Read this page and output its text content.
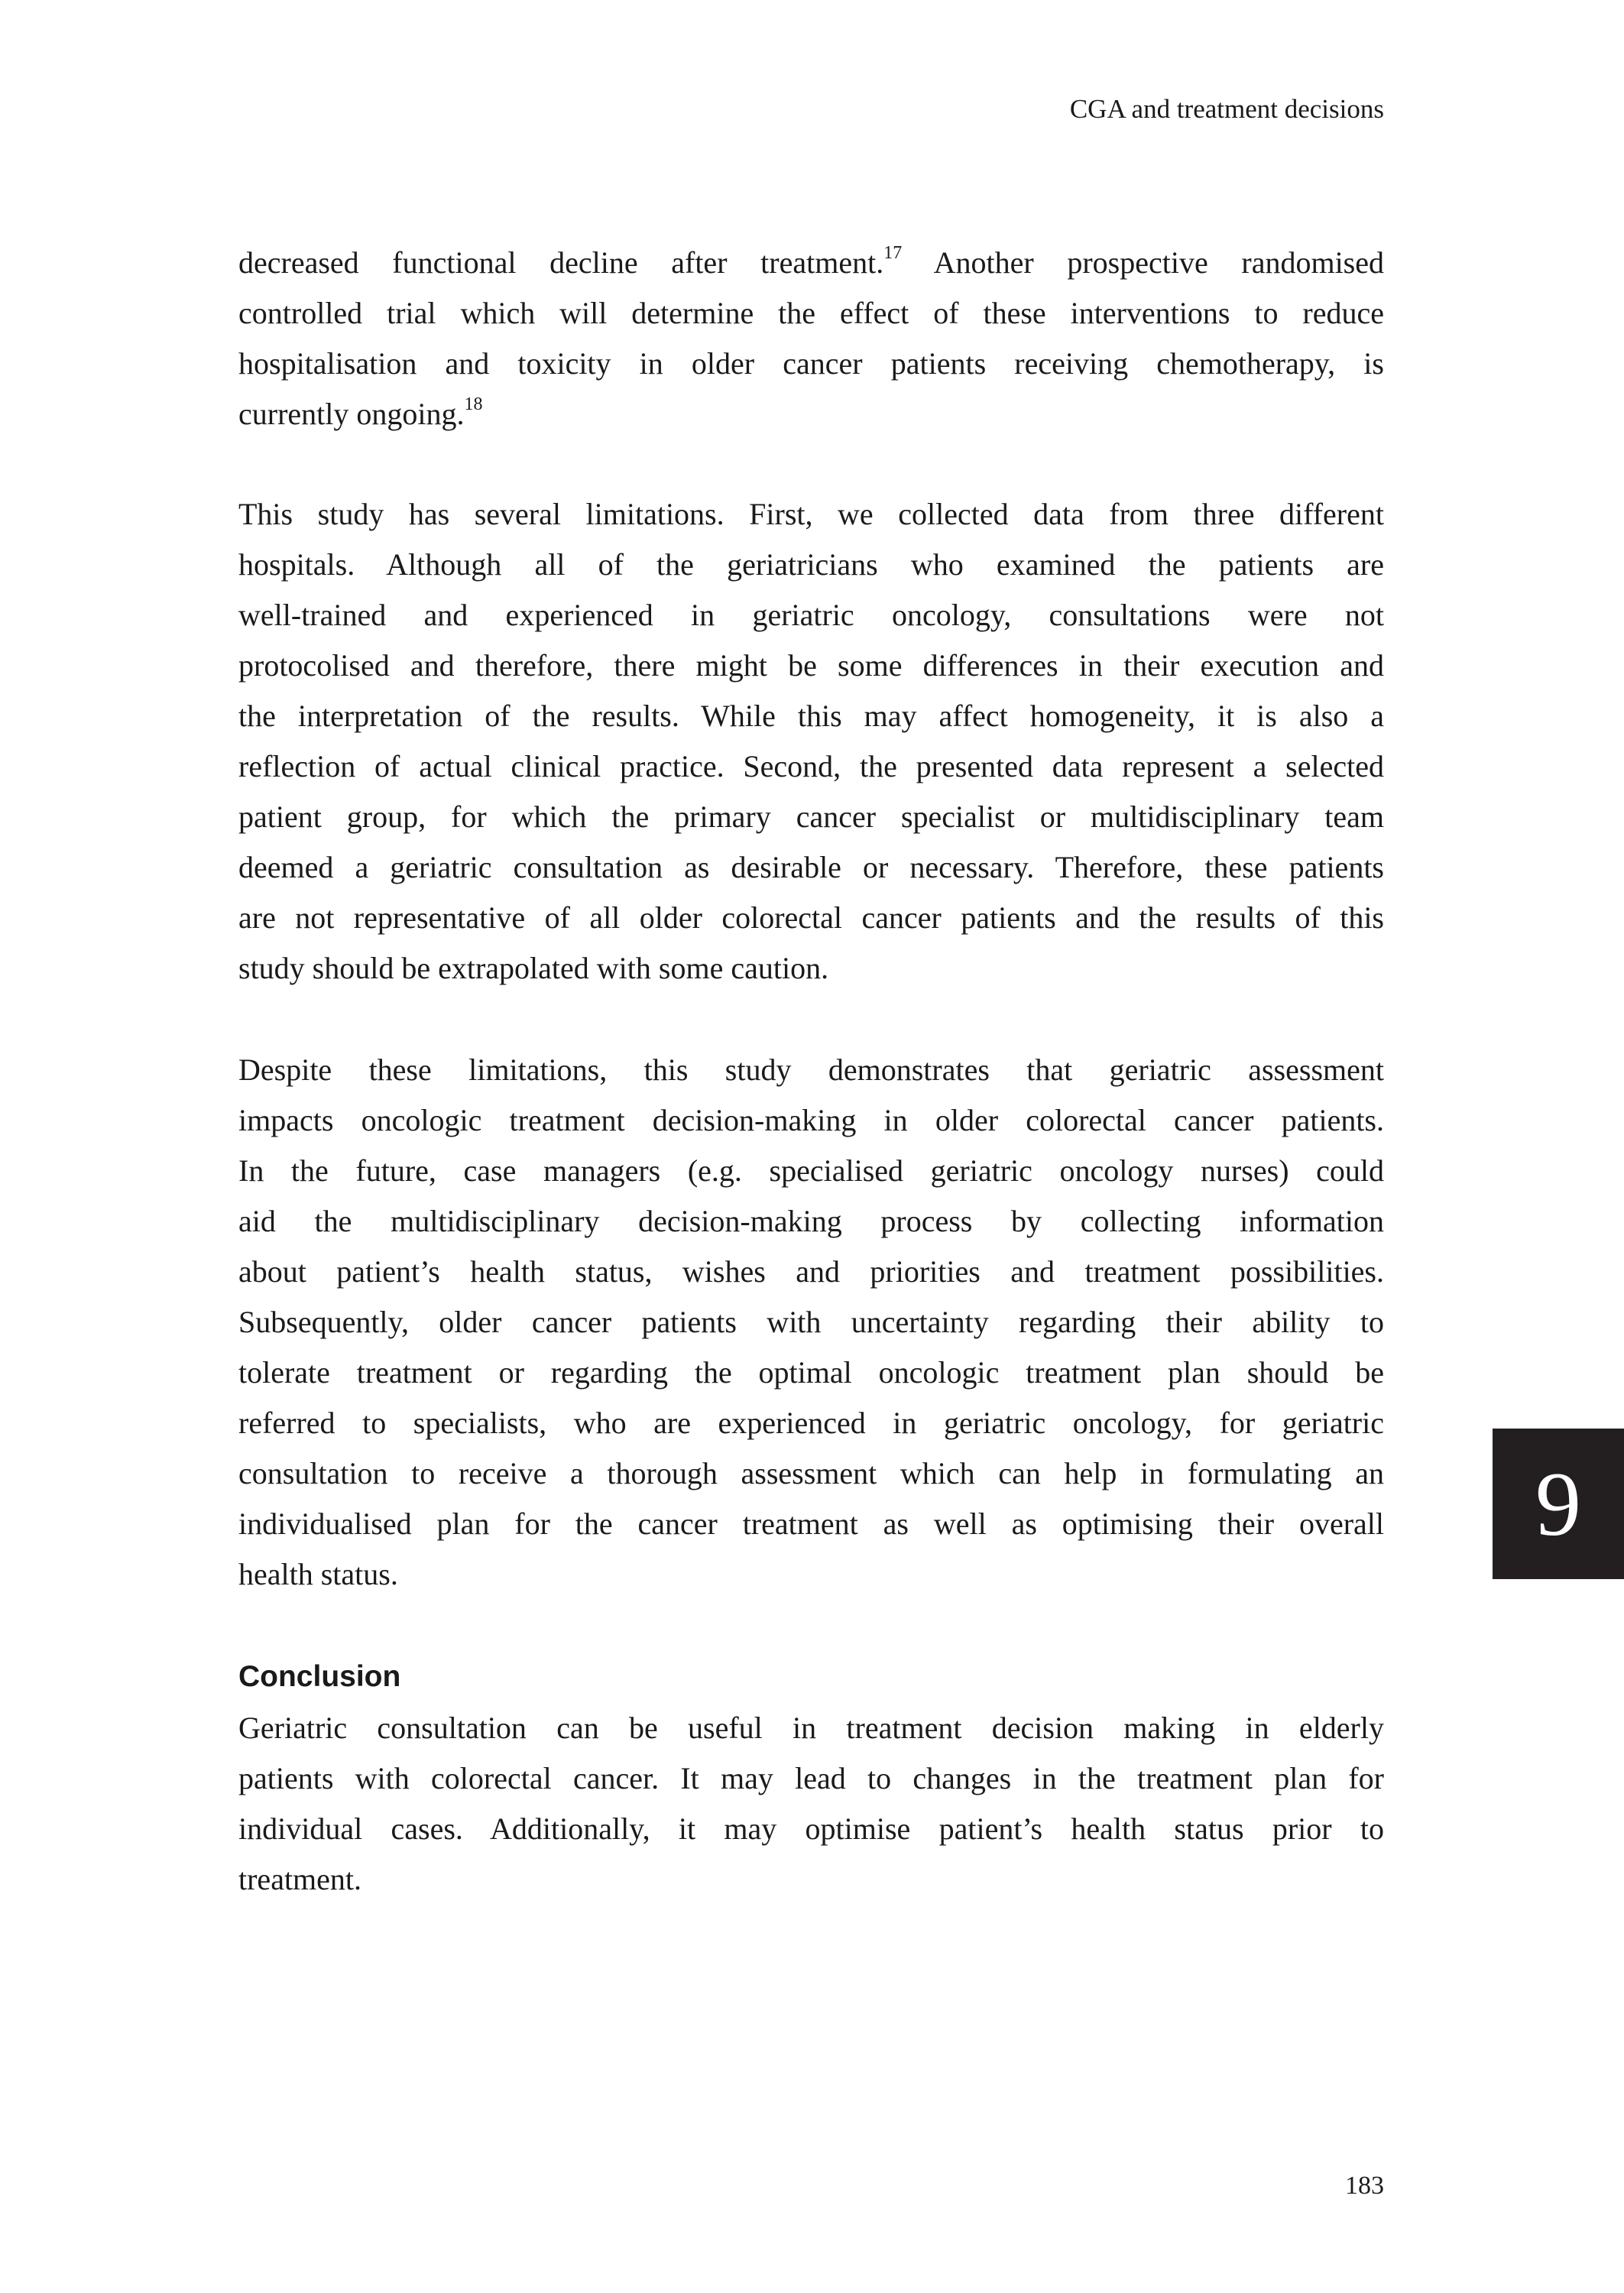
CGA and treatment decisions
decreased functional decline after treatment.$^{17}$ Another prospective randomised
controlled trial which will determine the effect of these interventions to reduce
hospitalisation and toxicity in older cancer patients receiving chemotherapy, is
currently ongoing.$^{18}$
This study has several limitations. First, we collected data from three different
hospitals. Although all of the geriatricians who examined the patients are
well-trained and experienced in geriatric oncology, consultations were not
protocolised and therefore, there might be some differences in their execution and
the interpretation of the results. While this may affect homogeneity, it is also a
reflection of actual clinical practice. Second, the presented data represent a selected
patient group, for which the primary cancer specialist or multidisciplinary team
deemed a geriatric consultation as desirable or necessary. Therefore, these patients
are not representative of all older colorectal cancer patients and the results of this
study should be extrapolated with some caution.
Despite these limitations, this study demonstrates that geriatric assessment
impacts oncologic treatment decision-making in older colorectal cancer patients.
In the future, case managers (e.g. specialised geriatric oncology nurses) could
aid the multidisciplinary decision-making process by collecting information
about patient’s health status, wishes and priorities and treatment possibilities.
Subsequently, older cancer patients with uncertainty regarding their ability to
tolerate treatment or regarding the optimal oncologic treatment plan should be
referred to specialists, who are experienced in geriatric oncology, for geriatric
consultation to receive a thorough assessment which can help in formulating an
individualised plan for the cancer treatment as well as optimising their overall
health status.
Conclusion
Geriatric consultation can be useful in treatment decision making in elderly
patients with colorectal cancer. It may lead to changes in the treatment plan for
individual cases. Additionally, it may optimise patient’s health status prior to
treatment.
9
183
